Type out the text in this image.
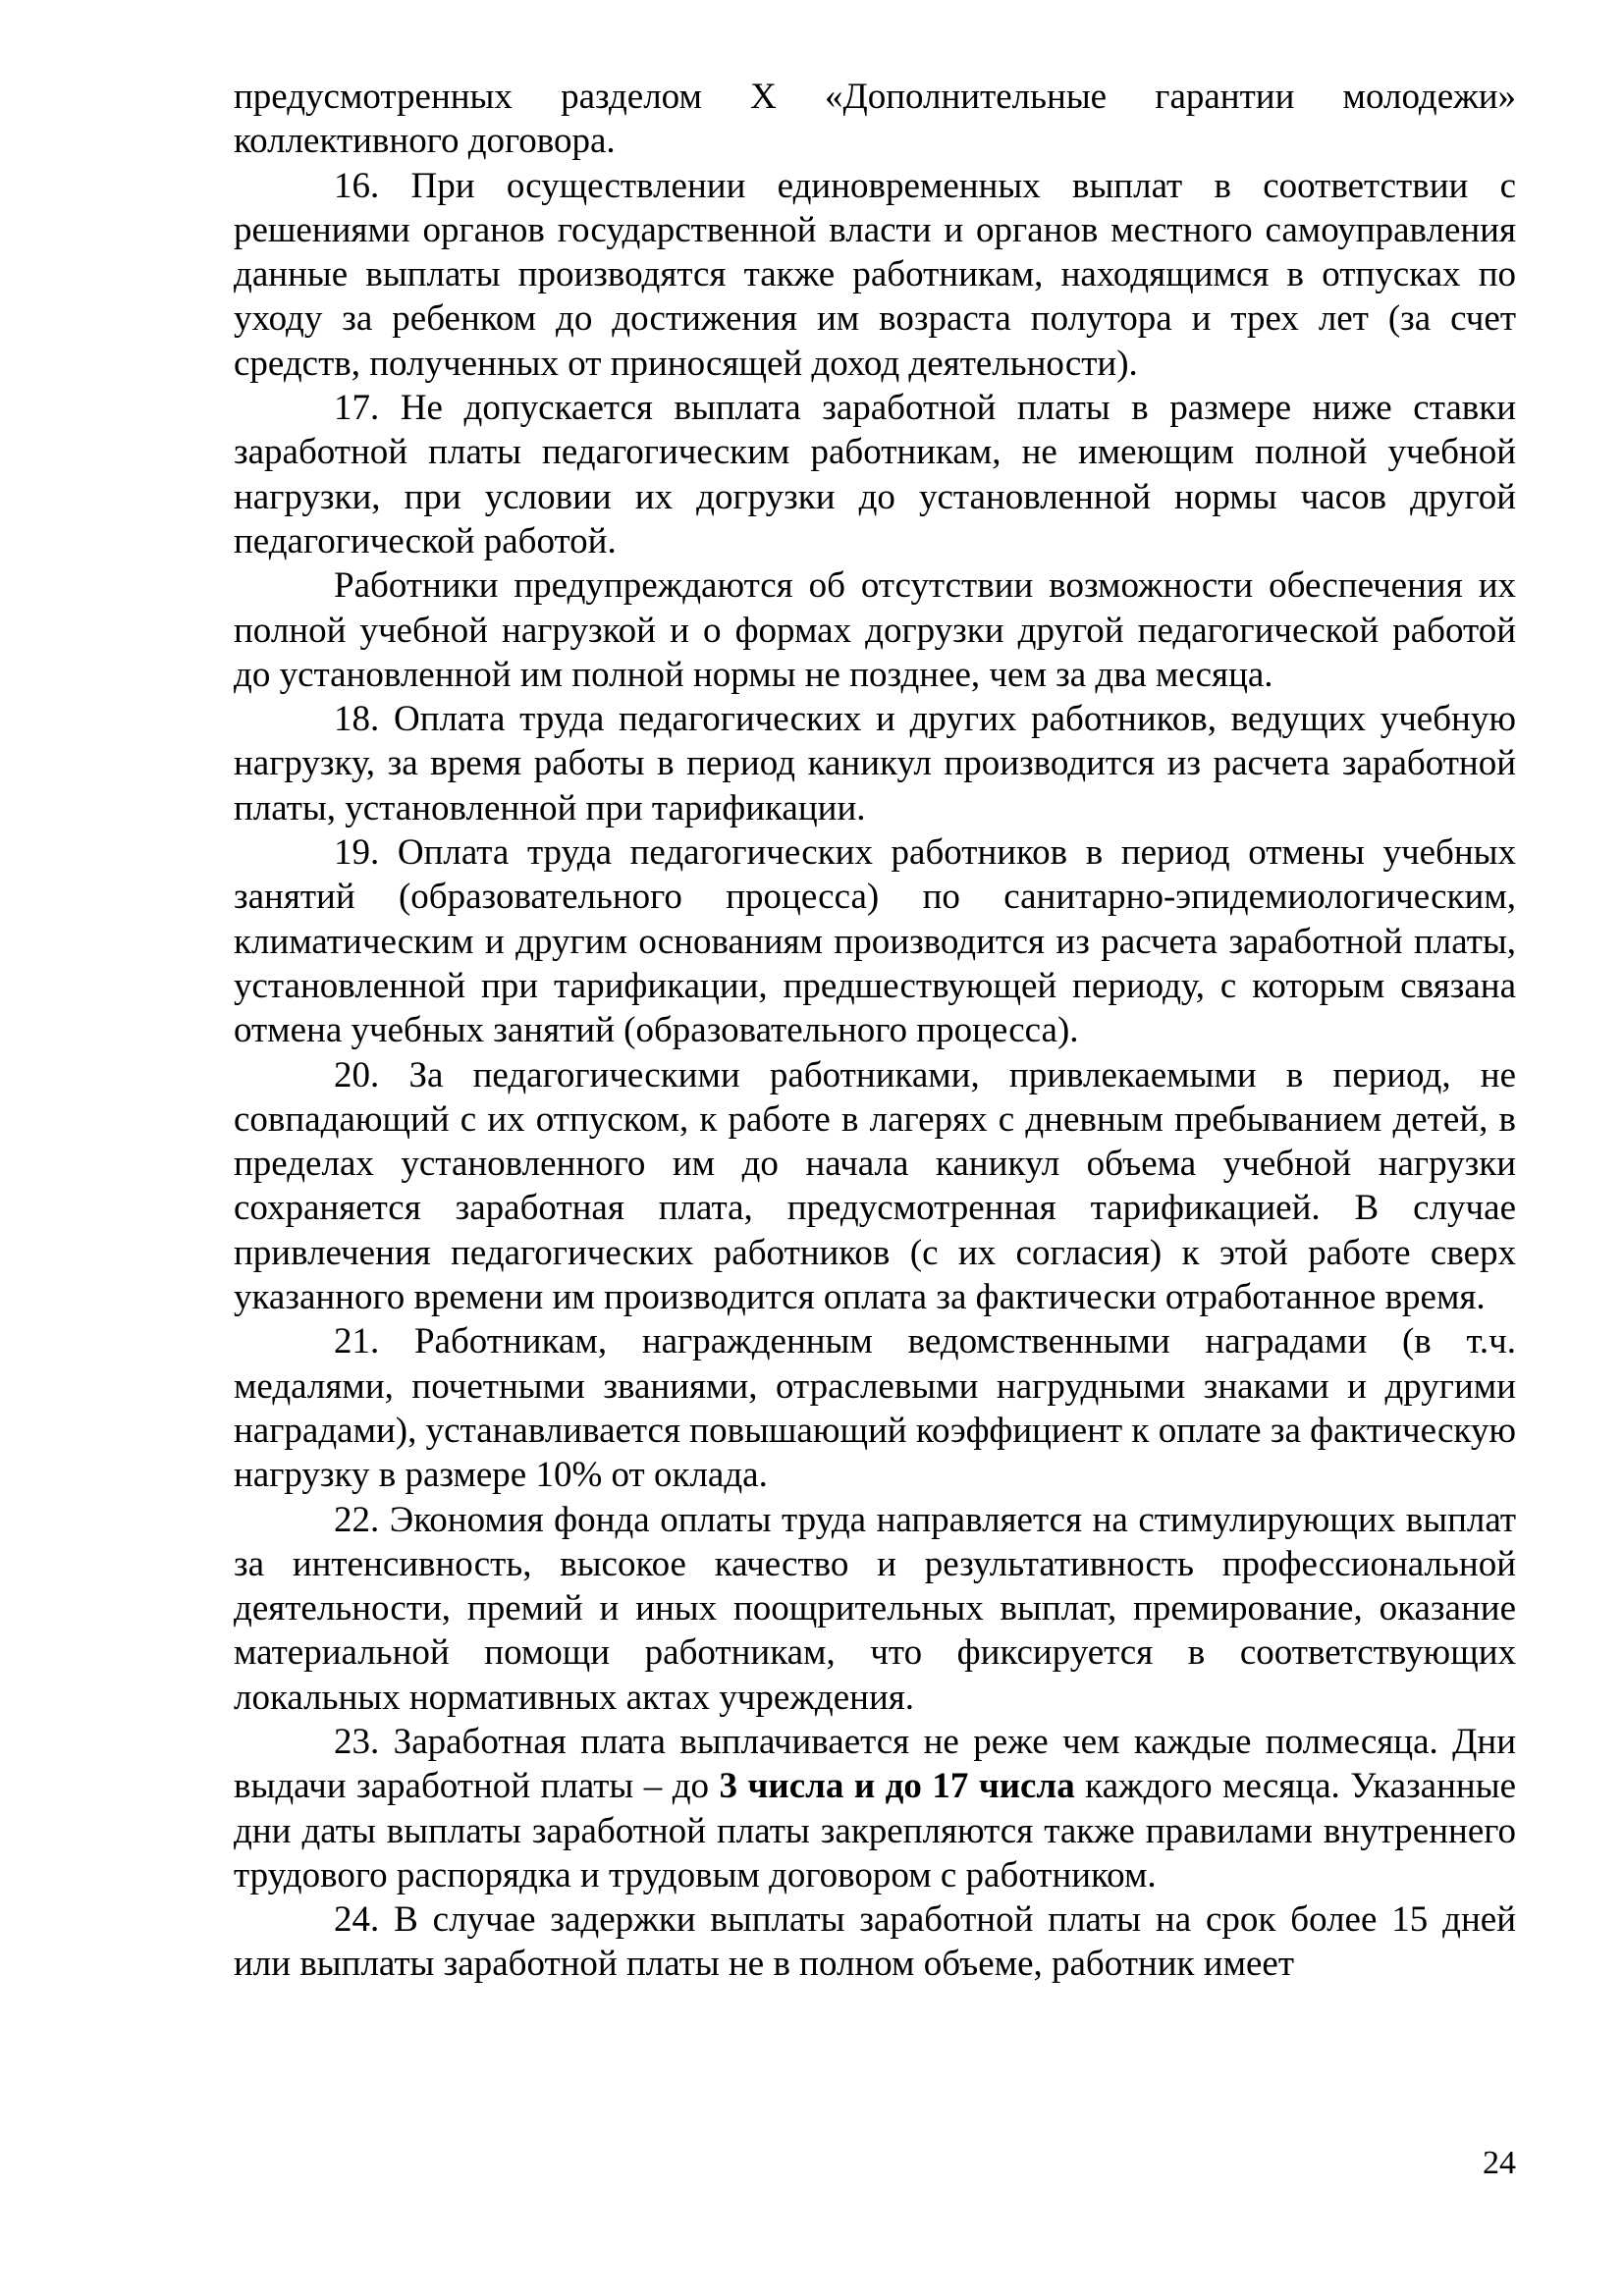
предусмотренных разделом X «Дополнительные гарантии молодежи» коллективного договора.

16. При осуществлении единовременных выплат в соответствии с решениями органов государственной власти и органов местного самоуправления данные выплаты производятся также работникам, находящимся в отпусках по уходу за ребенком до достижения им возраста полутора и трех лет (за счет средств, полученных от приносящей доход деятельности).

17. Не допускается выплата заработной платы в размере ниже ставки заработной платы педагогическим работникам, не имеющим полной учебной нагрузки, при условии их догрузки до установленной нормы часов другой педагогической работой.

Работники предупреждаются об отсутствии возможности обеспечения их полной учебной нагрузкой и о формах догрузки другой педагогической работой до установленной им полной нормы не позднее, чем за два месяца.

18. Оплата труда педагогических и других работников, ведущих учебную нагрузку, за время работы в период каникул производится из расчета заработной платы, установленной при тарификации.

19. Оплата труда педагогических работников в период отмены учебных занятий (образовательного процесса) по санитарно-эпидемиологическим, климатическим и другим основаниям производится из расчета заработной платы, установленной при тарификации, предшествующей периоду, с которым связана отмена учебных занятий (образовательного процесса).

20. За педагогическими работниками, привлекаемыми в период, не совпадающий с их отпуском, к работе в лагерях с дневным пребыванием детей, в пределах установленного им до начала каникул объема учебной нагрузки сохраняется заработная плата, предусмотренная тарификацией. В случае привлечения педагогических работников (с их согласия) к этой работе сверх указанного времени им производится оплата за фактически отработанное время.

21. Работникам, награжденным ведомственными наградами (в т.ч. медалями, почетными званиями, отраслевыми нагрудными знаками и другими наградами), устанавливается повышающий коэффициент к оплате за фактическую нагрузку в размере 10% от оклада.

22. Экономия фонда оплаты труда направляется на стимулирующих выплат за интенсивность, высокое качество и результативность профессиональной деятельности, премий и иных поощрительных выплат, премирование, оказание материальной помощи работникам, что фиксируется в соответствующих локальных нормативных актах учреждения.

23. Заработная плата выплачивается не реже чем каждые полмесяца. Дни выдачи заработной платы – до 3 числа и до 17 числа каждого месяца. Указанные дни даты выплаты заработной платы закрепляются также правилами внутреннего трудового распорядка и трудовым договором с работником.

24. В случае задержки выплаты заработной платы на срок более 15 дней или выплаты заработной платы не в полном объеме, работник имеет

24
